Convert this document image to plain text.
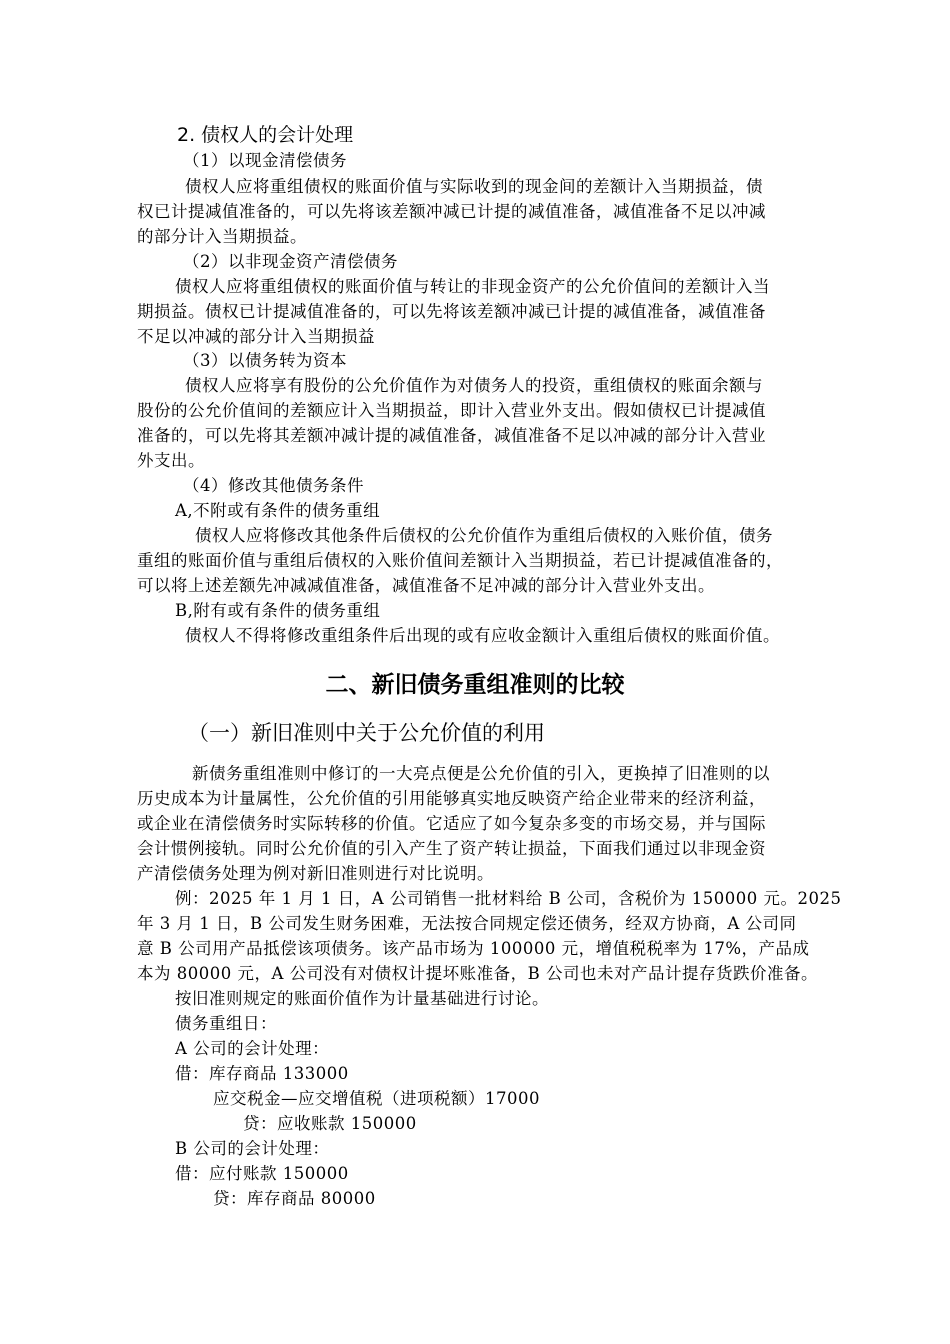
2. 债权人的会计处理
（1）以现金清偿债务
债权人应将重组债权的账面价值与实际收到的现金间的差额计入当期损益，债
权已计提减值准备的，可以先将该差额冲减已计提的减值准备，减值准备不足以冲减
的部分计入当期损益。
（2）以非现金资产清偿债务
债权人应将重组债权的账面价值与转让的非现金资产的公允价值间的差额计入当
期损益。债权已计提减值准备的，可以先将该差额冲减已计提的减值准备，减值准备
不足以冲减的部分计入当期损益
（3）以债务转为资本
债权人应将享有股份的公允价值作为对债务人的投资，重组债权的账面余额与
股份的公允价值间的差额应计入当期损益，即计入营业外支出。假如债权已计提减值
准备的，可以先将其差额冲减计提的减值准备，减值准备不足以冲减的部分计入营业
外支出。
（4）修改其他债务条件
A,不附或有条件的债务重组
债权人应将修改其他条件后债权的公允价值作为重组后债权的入账价值，债务
重组的账面价值与重组后债权的入账价值间差额计入当期损益，若已计提减值准备的，
可以将上述差额先冲减减值准备，减值准备不足冲减的部分计入营业外支出。
B,附有或有条件的债务重组
债权人不得将修改重组条件后出现的或有应收金额计入重组后债权的账面价值。
二、新旧债务重组准则的比较
（一）新旧准则中关于公允价值的利用
新债务重组准则中修订的一大亮点便是公允价值的引入，更换掉了旧准则的以
历史成本为计量属性，公允价值的引用能够真实地反映资产给企业带来的经济利益，
或企业在清偿债务时实际转移的价值。它适应了如今复杂多变的市场交易，并与国际
会计惯例接轨。同时公允价值的引入产生了资产转让损益，下面我们通过以非现金资
产清偿债务处理为例对新旧准则进行对比说明。
例：2025 年 1 月 1 日，A 公司销售一批材料给 B 公司，含税价为 150000 元。2025
年 3 月 1 日，B 公司发生财务困难，无法按合同规定偿还债务，经双方协商，A 公司同
意 B 公司用产品抵偿该项债务。该产品市场为 100000 元，增值税税率为 17%，产品成
本为 80000 元，A 公司没有对债权计提坏账准备，B 公司也未对产品计提存货跌价准备。
按旧准则规定的账面价值作为计量基础进行讨论。
债务重组日：
A 公司的会计处理：
借：库存商品 133000
应交税金—应交增值税（进项税额）17000
贷：应收账款 150000
B 公司的会计处理：
借：应付账款 150000
贷：库存商品 80000
